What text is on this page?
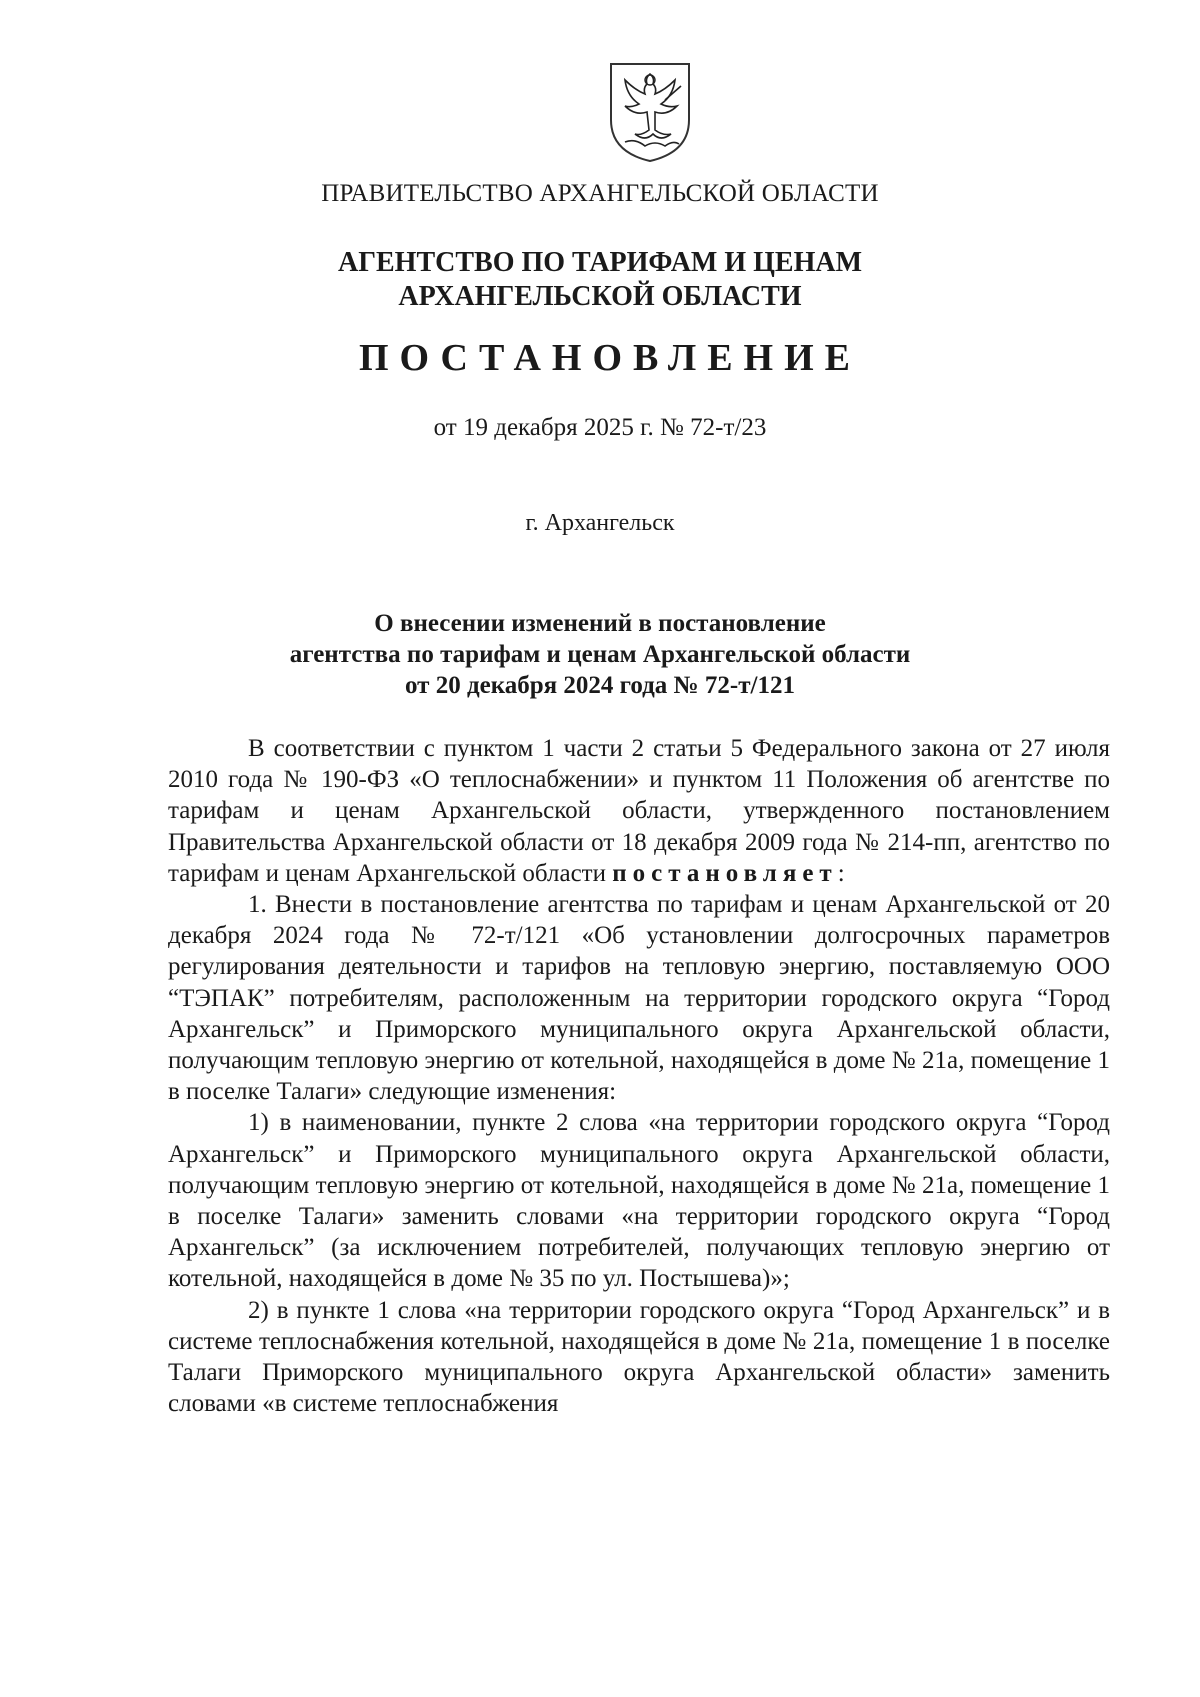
ПРАВИТЕЛЬСТВО АРХАНГЕЛЬСКОЙ ОБЛАСТИ
АГЕНТСТВО ПО ТАРИФАМ И ЦЕНАМ
АРХАНГЕЛЬСКОЙ ОБЛАСТИ
ПОСТАНОВЛЕНИЕ
от 19 декабря 2025 г. № 72-т/23
г. Архангельск
О внесении изменений в постановление
агентства по тарифам и ценам Архангельской области
от 20 декабря 2024 года № 72-т/121

В соответствии с пунктом 1 части 2 статьи 5 Федерального закона от 27 июля 2010 года № 190-ФЗ «О теплоснабжении» и пунктом 11 Положения об агентстве по тарифам и ценам Архангельской области, утвержденного постановлением Правительства Архангельской области от 18 декабря 2009 года № 214-пп, агентство по тарифам и ценам Архангельской области постановляет:

1. Внести в постановление агентства по тарифам и ценам Архангельской от 20 декабря 2024 года № 72-т/121 «Об установлении долгосрочных параметров регулирования деятельности и тарифов на тепловую энергию, поставляемую ООО “ТЭПАК” потребителям, расположенным на территории городского округа “Город Архангельск” и Приморского муниципального округа Архангельской области, получающим тепловую энергию от котельной, находящейся в доме № 21а, помещение 1 в поселке Талаги» следующие изменения:

1) в наименовании, пункте 2 слова «на территории городского округа “Город Архангельск” и Приморского муниципального округа Архангельской области, получающим тепловую энергию от котельной, находящейся в доме № 21а, помещение 1 в поселке Талаги» заменить словами «на территории городского округа “Город Архангельск” (за исключением потребителей, получающих тепловую энергию от котельной, находящейся в доме № 35 по ул. Постышева)»;

2) в пункте 1 слова «на территории городского округа “Город Архангельск” и в системе теплоснабжения котельной, находящейся в доме № 21а, помещение 1 в поселке Талаги Приморского муниципального округа Архангельской области» заменить словами «в системе теплоснабжения
